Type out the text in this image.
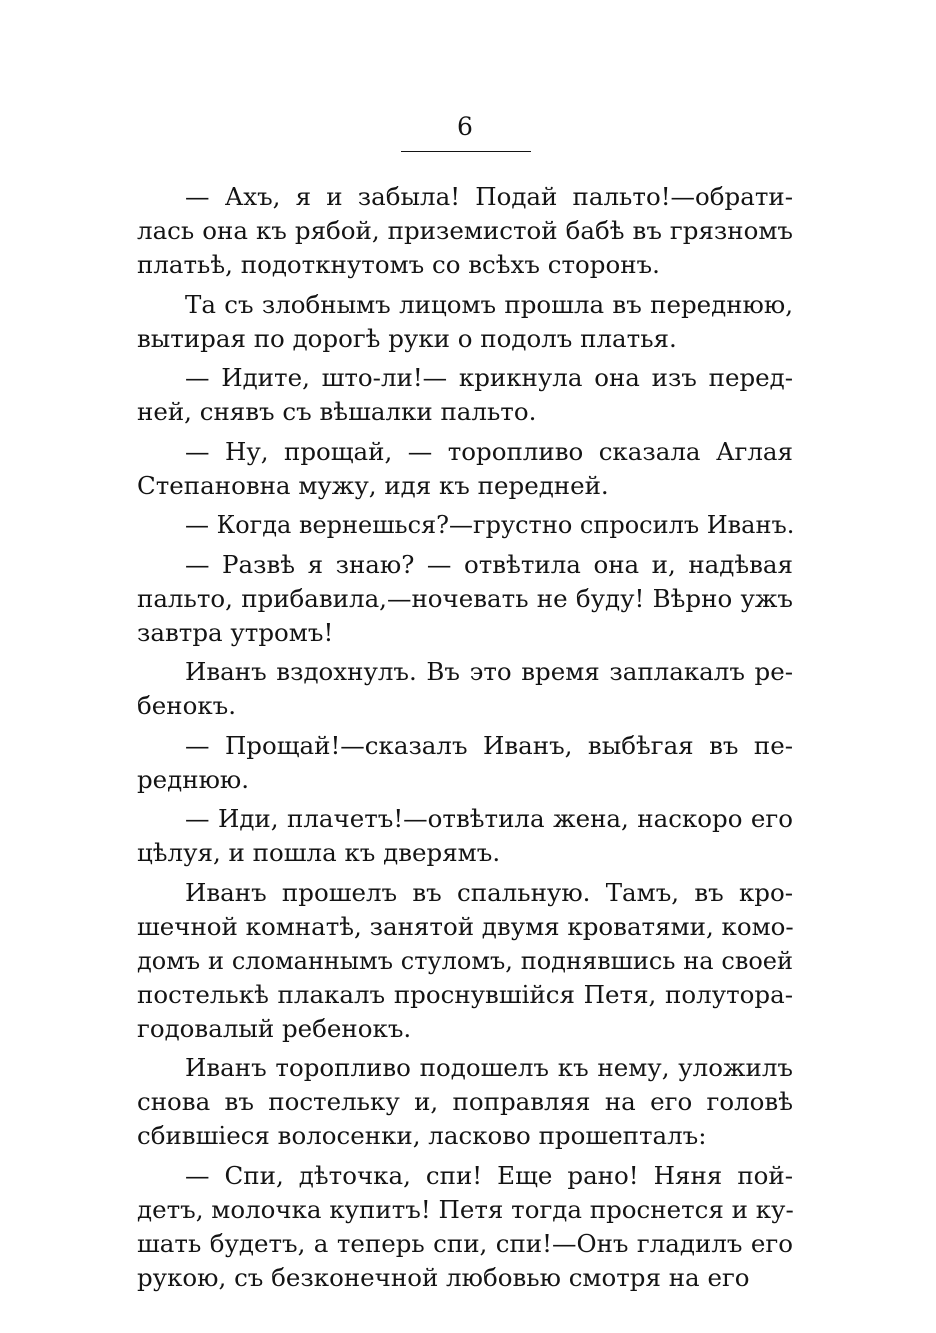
6
— Ахъ, я и забыла! Подай пальто!—обрати-
лась она къ рябой, приземистой бабѣ въ грязномъ
платьѣ, подоткнутомъ со всѣхъ сторонъ.
Та съ злобнымъ лицомъ прошла въ переднюю,
вытирая по дорогѣ руки о подолъ платья.
— Идите, што-ли!— крикнула она изъ перед-
ней, снявъ съ вѣшалки пальто.
— Ну, прощай, — торопливо сказала Аглая
Степановна мужу, идя къ передней.
— Когда вернешься?—грустно спросилъ Иванъ.
— Развѣ я знаю? — отвѣтила она и, надѣвая
пальто, прибавила,—ночевать не буду! Вѣрно ужъ
завтра утромъ!
Иванъ вздохнулъ. Въ это время заплакалъ ре-
бенокъ.
— Прощай!—сказалъ Иванъ, выбѣгая въ пе-
реднюю.
— Иди, плачетъ!—отвѣтила жена, наскоро его
цѣлуя, и пошла къ дверямъ.
Иванъ прошелъ въ спальную. Тамъ, въ кро-
шечной комнатѣ, занятой двумя кроватями, комо-
домъ и сломаннымъ стуломъ, поднявшись на своей
постелькѣ плакалъ проснувшійся Петя, полутора-
годовалый ребенокъ.
Иванъ торопливо подошелъ къ нему, уложилъ
снова въ постельку и, поправляя на его головѣ
сбившіеся волосенки, ласково прошепталъ:
— Спи, дѣточка, спи! Еще рано! Няня пой-
детъ, молочка купитъ! Петя тогда проснется и ку-
шать будетъ, а теперь спи, спи!—Онъ гладилъ его
рукою, съ безконечной любовью смотря на его
